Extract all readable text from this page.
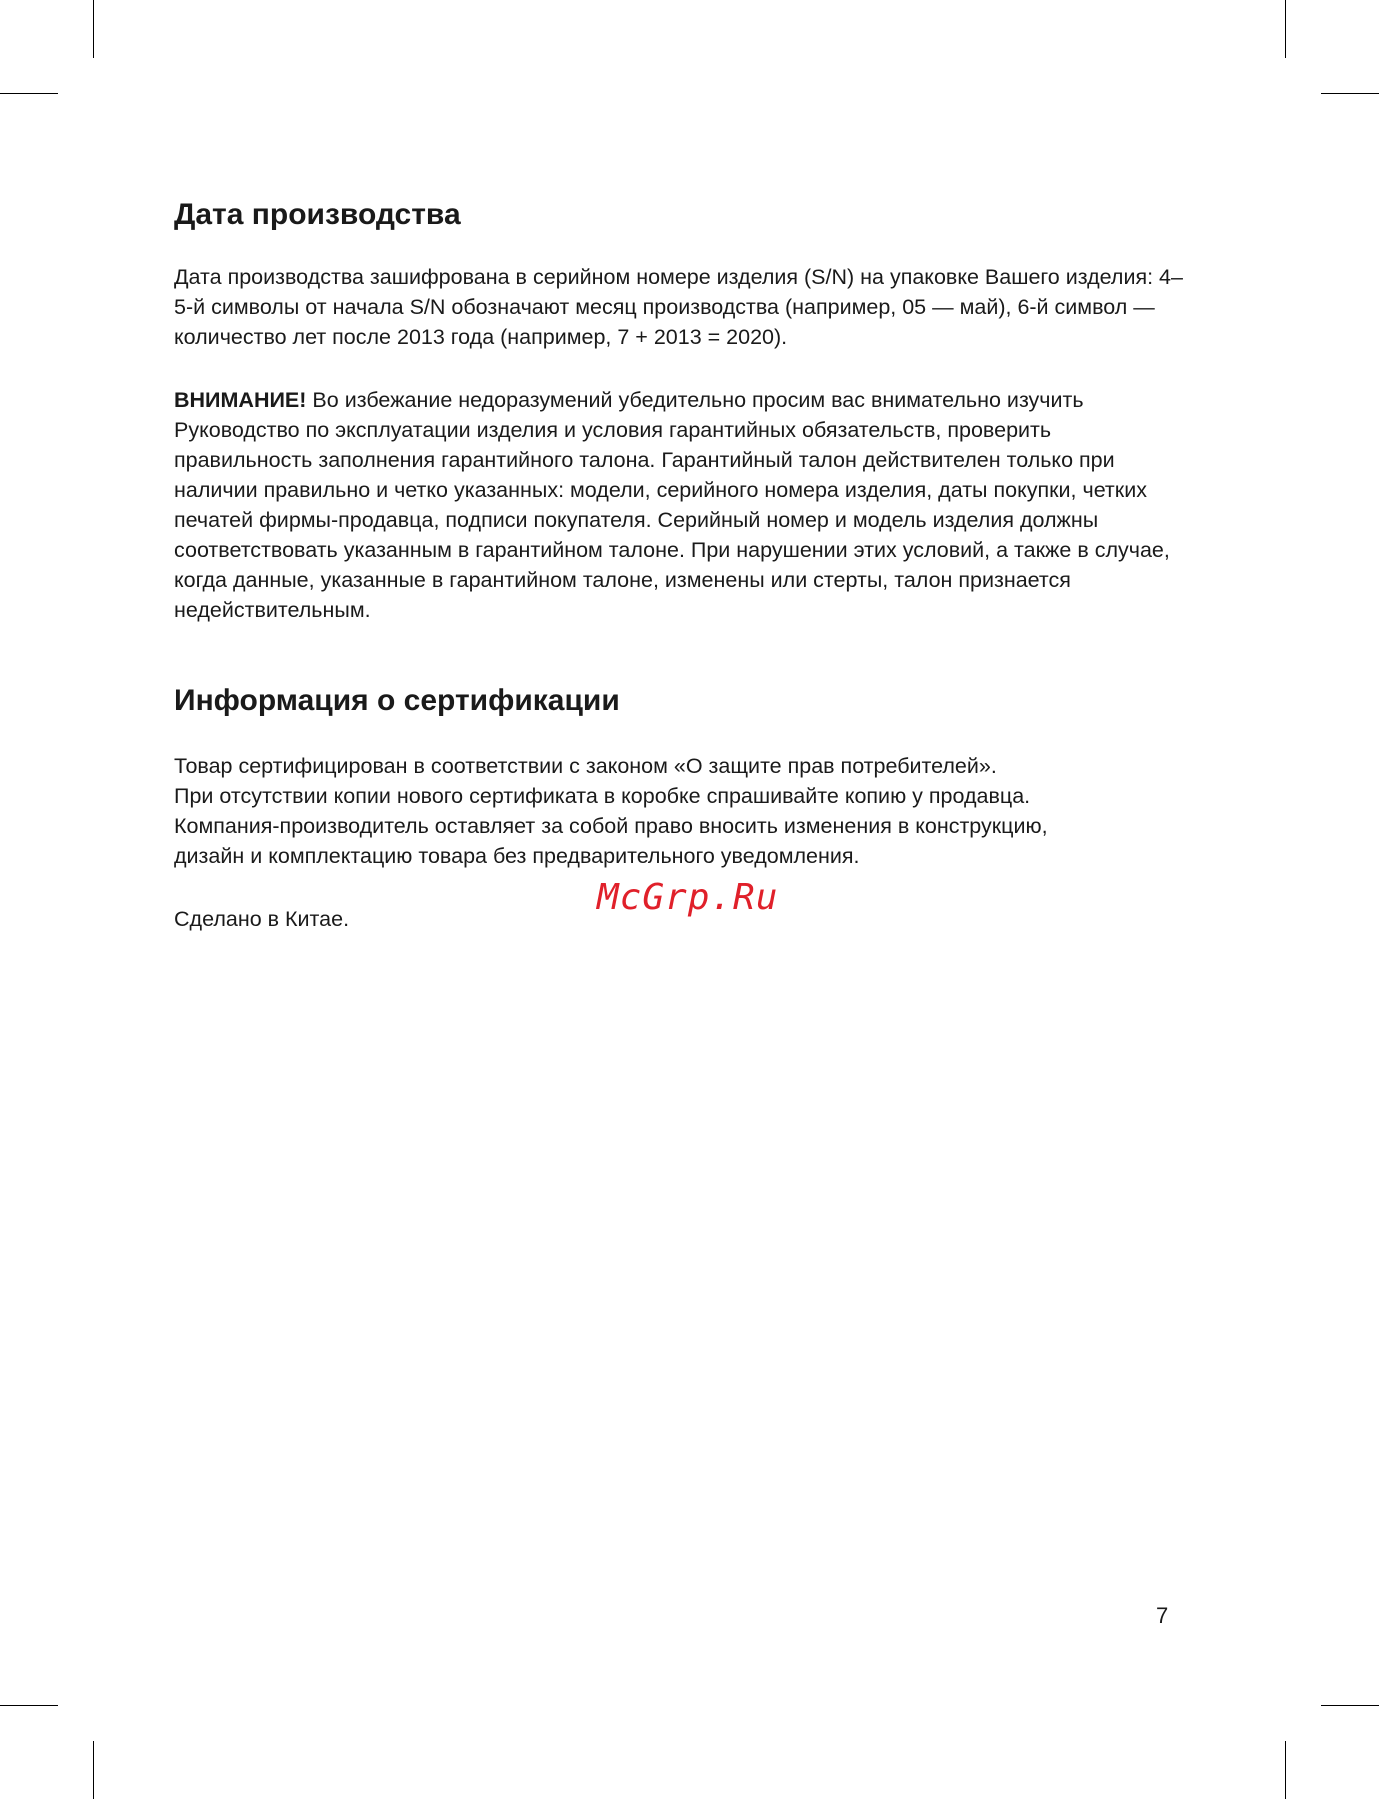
Дата производства

Дата производства зашифрована в серийном номере изделия (S/N) на упаковке Вашего изделия: 4–5-й символы от начала S/N обозначают месяц производства (например, 05 — май), 6-й символ — количество лет после 2013 года (например, 7 + 2013 = 2020).

ВНИМАНИЕ! Во избежание недоразумений убедительно просим вас внимательно изучить Руководство по эксплуатации изделия и условия гарантийных обязательств, проверить правильность заполнения гарантийного талона. Гарантийный талон действителен только при наличии правильно и четко указанных: модели, серийного номера изделия, даты покупки, четких печатей фирмы-продавца, подписи покупателя. Серийный номер и модель изделия должны соответствовать указанным в гарантийном талоне. При нарушении этих условий, а также в случае, когда данные, указанные в гарантийном талоне, изменены или стерты, талон признается недействительным.

Информация о сертификации

Товар сертифицирован в соответствии с законом «О защите прав потребителей».
При отсутствии копии нового сертификата в коробке спрашивайте копию у продавца.
Компания-производитель оставляет за собой право вносить изменения в конструкцию,
дизайн и комплектацию товара без предварительного уведомления.

Сделано в Китае.

McGrp.Ru
7
